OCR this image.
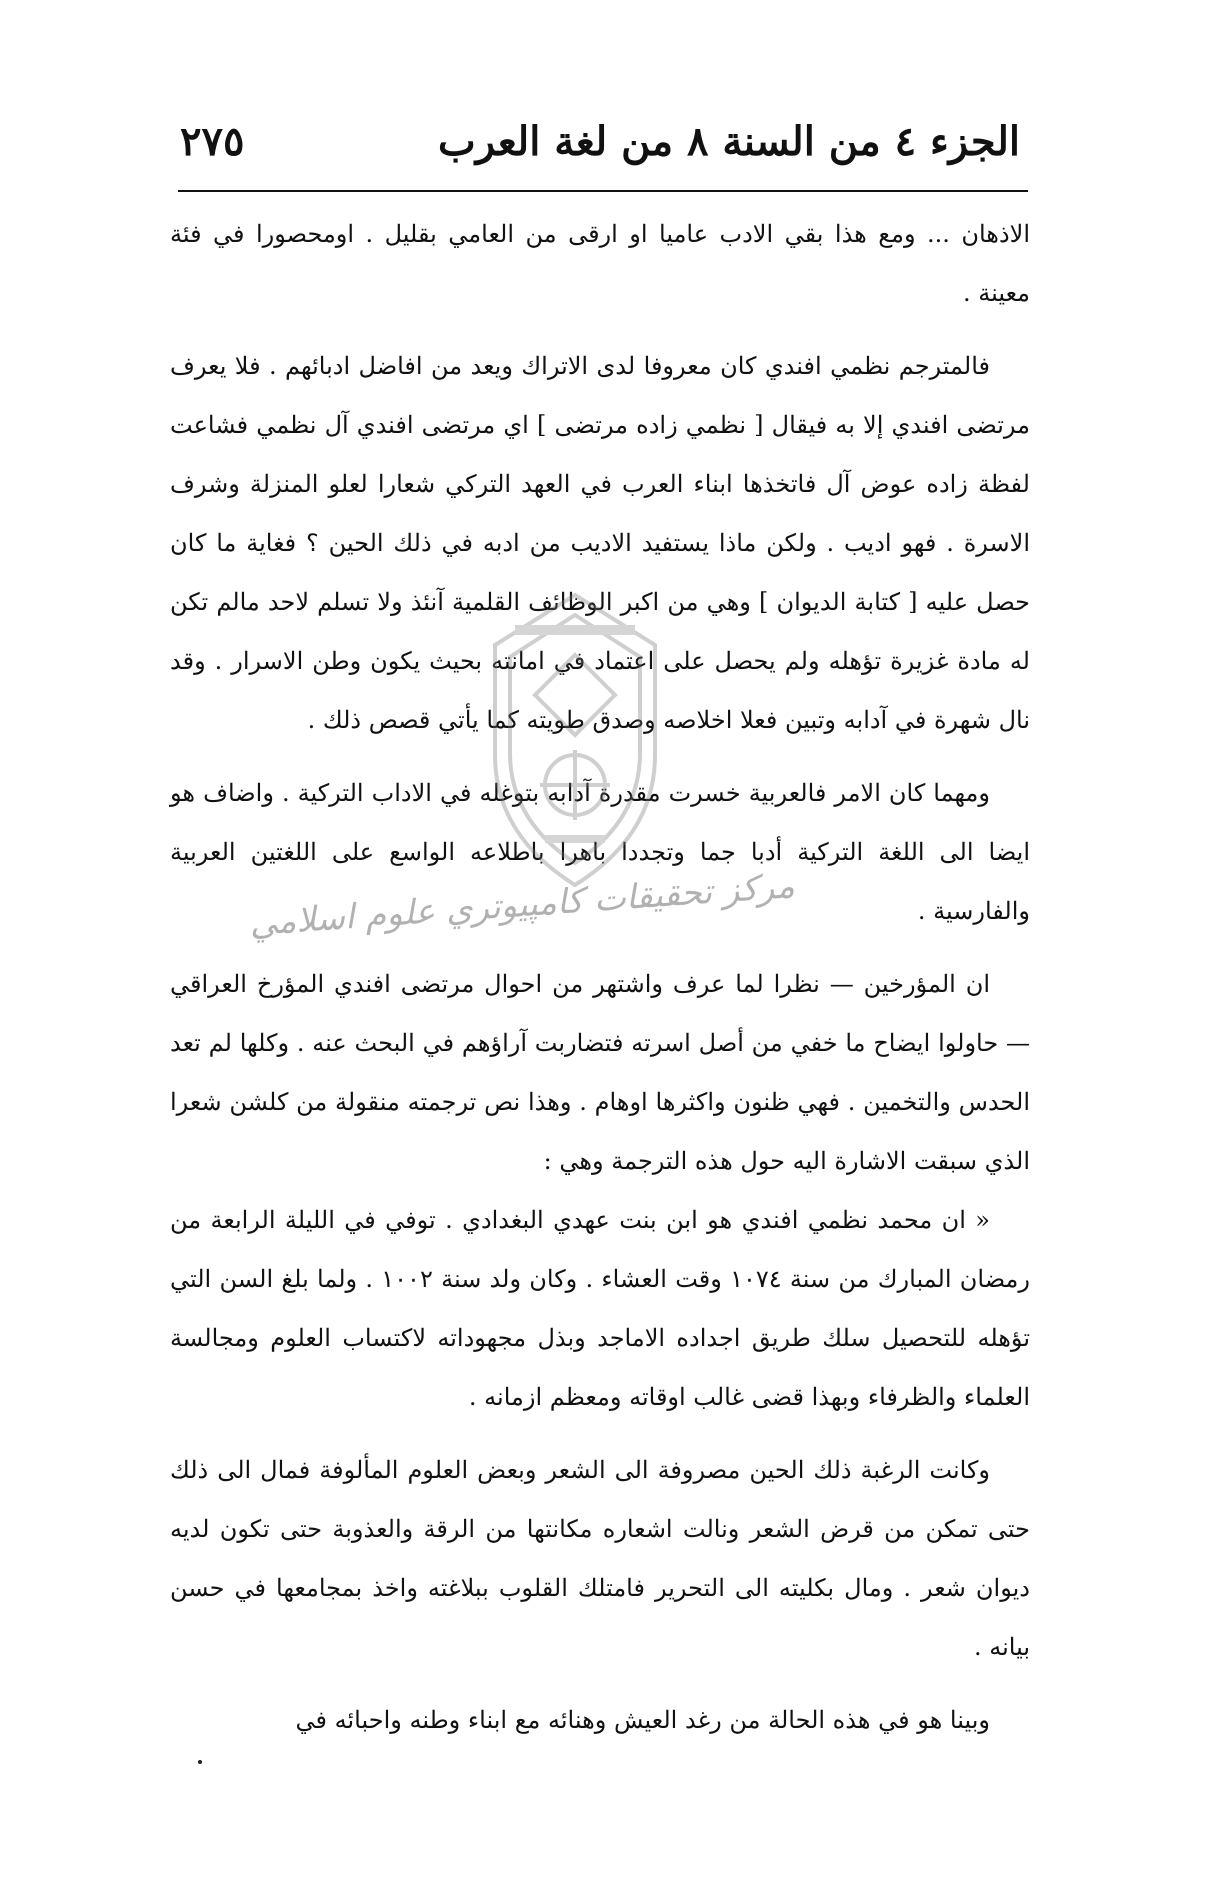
الجزء ٤ من السنة ٨ من لغة العرب
٢٧٥

الاذهان ... ومع هذا بقي الادب عاميا او ارقى من العامي بقليل . اومحصورا في فئة معينة .

فالمترجم نظمي افندي كان معروفا لدى الاتراك ويعد من افاضل ادبائهم . فلا يعرف مرتضى افندي إلا به فيقال [ نظمي زاده مرتضى ] اي مرتضى افندي آل نظمي فشاعت لفظة زاده عوض آل فاتخذها ابناء العرب في العهد التركي شعارا لعلو المنزلة وشرف الاسرة . فهو اديب . ولكن ماذا يستفيد الاديب من ادبه في ذلك الحين ؟ فغاية ما كان حصل عليه [ كتابة الديوان ] وهي من اكبر الوظائف القلمية آنئذ ولا تسلم لاحد مالم تكن له مادة غزيرة تؤهله ولم يحصل على اعتماد في امانته بحيث يكون وطن الاسرار . وقد نال شهرة في آدابه وتبين فعلا اخلاصه وصدق طويته كما يأتي قصص ذلك .

ومهما كان الامر فالعربية خسرت مقدرة آدابه بتوغله في الاداب التركية . واضاف هو ايضا الى اللغة التركية أدبا جما وتجددا باهرا باطلاعه الواسع على اللغتين العربية والفارسية .

ان المؤرخين — نظرا لما عرف واشتهر من احوال مرتضى افندي المؤرخ العراقي — حاولوا ايضاح ما خفي من أصل اسرته فتضاربت آراؤهم في البحث عنه . وكلها لم تعد الحدس والتخمين . فهي ظنون واكثرها اوهام . وهذا نص ترجمته منقولة من كلشن شعرا الذي سبقت الاشارة اليه حول هذه الترجمة وهي :

« ان محمد نظمي افندي هو ابن بنت عهدي البغدادي . توفي في الليلة الرابعة من رمضان المبارك من سنة ١٠٧٤ وقت العشاء . وكان ولد سنة ١٠٠٢ . ولما بلغ السن التي تؤهله للتحصيل سلك طريق اجداده الاماجد وبذل مجهوداته لاكتساب العلوم ومجالسة العلماء والظرفاء وبهذا قضى غالب اوقاته ومعظم ازمانه .

وكانت الرغبة ذلك الحين مصروفة الى الشعر وبعض العلوم المألوفة فمال الى ذلك حتى تمكن من قرض الشعر ونالت اشعاره مكانتها من الرقة والعذوبة حتى تكون لديه ديوان شعر . ومال بكليته الى التحرير فامتلك القلوب ببلاغته واخذ بمجامعها في حسن بيانه .

وبينا هو في هذه الحالة من رغد العيش وهنائه مع ابناء وطنه واحبائه في

مركز تحقيقات كامپيوتري علوم اسلامي
